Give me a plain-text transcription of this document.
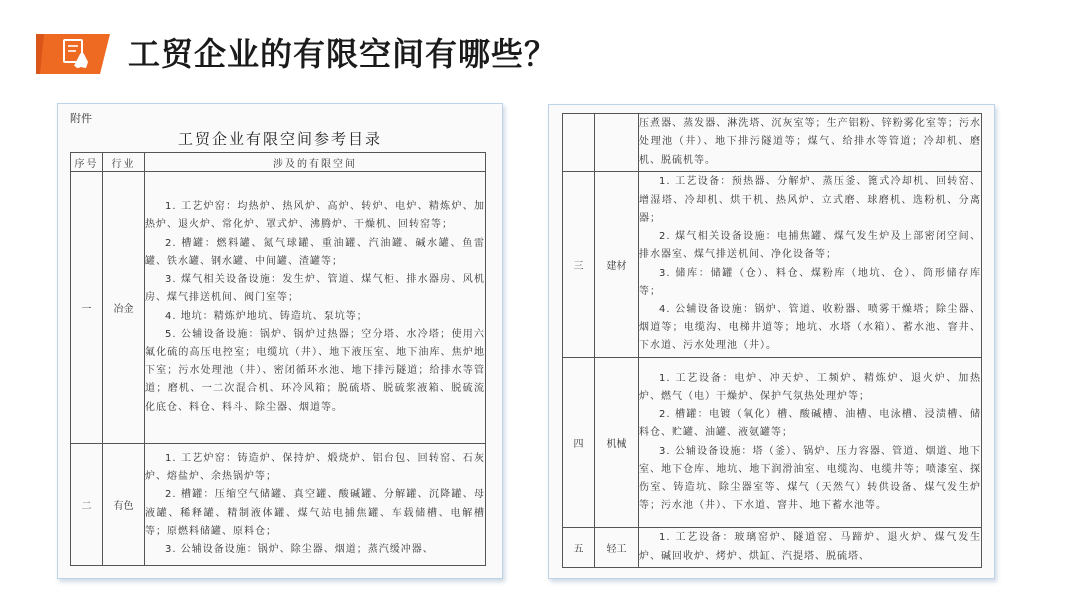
工贸企业的有限空间有哪些？
附件
工贸企业有限空间参考目录
序号	行业	涉及的有限空间
一	冶金	1. 工艺炉窑：均热炉、热风炉、高炉、转炉、电炉、精炼炉、加热炉、退火炉、常化炉、罩式炉、沸腾炉、干燥机、回转窑等；

2. 槽罐：燃料罐、氮气球罐、重油罐、汽油罐、碱水罐、鱼雷罐、铁水罐、钢水罐、中间罐、渣罐等；

3. 煤气相关设备设施：发生炉、管道、煤气柜、排水器房、风机房、煤气排送机间、阀门室等；

4. 地坑：精炼炉地坑、铸造坑、泵坑等；

5. 公辅设备设施：锅炉、锅炉过热器；空分塔、水冷塔；使用六氟化硫的高压电控室；电缆坑（井）、地下液压室、地下油库、焦炉地下室；污水处理池（井）、密闭循环水池、地下排污隧道；给排水等管道；磨机、一二次混合机、环冷风箱；脱硫塔、脱硫浆液箱、脱硫流化底仓、料仓、料斗、除尘器、烟道等。

二	有色	1. 工艺炉窑：铸造炉、保持炉、煅烧炉、铝台包、回转窑、石灰炉、熔盐炉、余热锅炉等；

2. 槽罐：压缩空气储罐、真空罐、酸碱罐、分解罐、沉降罐、母液罐、稀释罐、精制液体罐、煤气站电捕焦罐、车载储槽、电解槽等；原燃料储罐、原料仓；

3. 公辅设备设施：锅炉、除尘器、烟道；蒸汽缓冲器、

		压煮器、蒸发器、淋洗塔、沉灰室等；生产铝粉、锌粉雾化室等；污水处理池（井）、地下排污隧道等；煤气、给排水等管道；冷却机、磨机、脱硫机等。

三	建材	1. 工艺设备：预热器、分解炉、蒸压釜、篦式冷却机、回转窑、增湿塔、冷却机、烘干机、热风炉、立式磨、球磨机、选粉机、分离器；

2. 煤气相关设备设施：电捕焦罐、煤气发生炉及上部密闭空间、排水器室、煤气排送机间、净化设备等；

3. 储库：储罐（仓）、料仓、煤粉库（地坑、仓）、筒形储存库等；

4. 公辅设备设施：锅炉、管道、收粉器、喷雾干燥塔；除尘器、烟道等；电缆沟、电梯井道等；地坑、水塔（水箱）、蓄水池、窨井、下水道、污水处理池（井）。

四	机械	1. 工艺设备：电炉、冲天炉、工频炉、精炼炉、退火炉、加热炉、燃气（电）干燥炉、保护气氛热处理炉等；

2. 槽罐：电镀（氧化）槽、酸碱槽、油槽、电泳槽、浸渍槽、储料仓、贮罐、油罐、液氨罐等；

3. 公辅设备设施：塔（釜）、锅炉、压力容器、管道、烟道、地下室、地下仓库、地坑、地下润滑油室、电缆沟、电缆井等；喷漆室、探伤室、铸造坑、除尘器室等、煤气（天然气）转供设备、煤气发生炉等；污水池（井）、下水道、窨井、地下蓄水池等。

五	轻工	1. 工艺设备：玻璃窑炉、隧道窑、马蹄炉、退火炉、煤气发生炉、碱回收炉、烤炉、烘缸、汽提塔、脱硫塔、
